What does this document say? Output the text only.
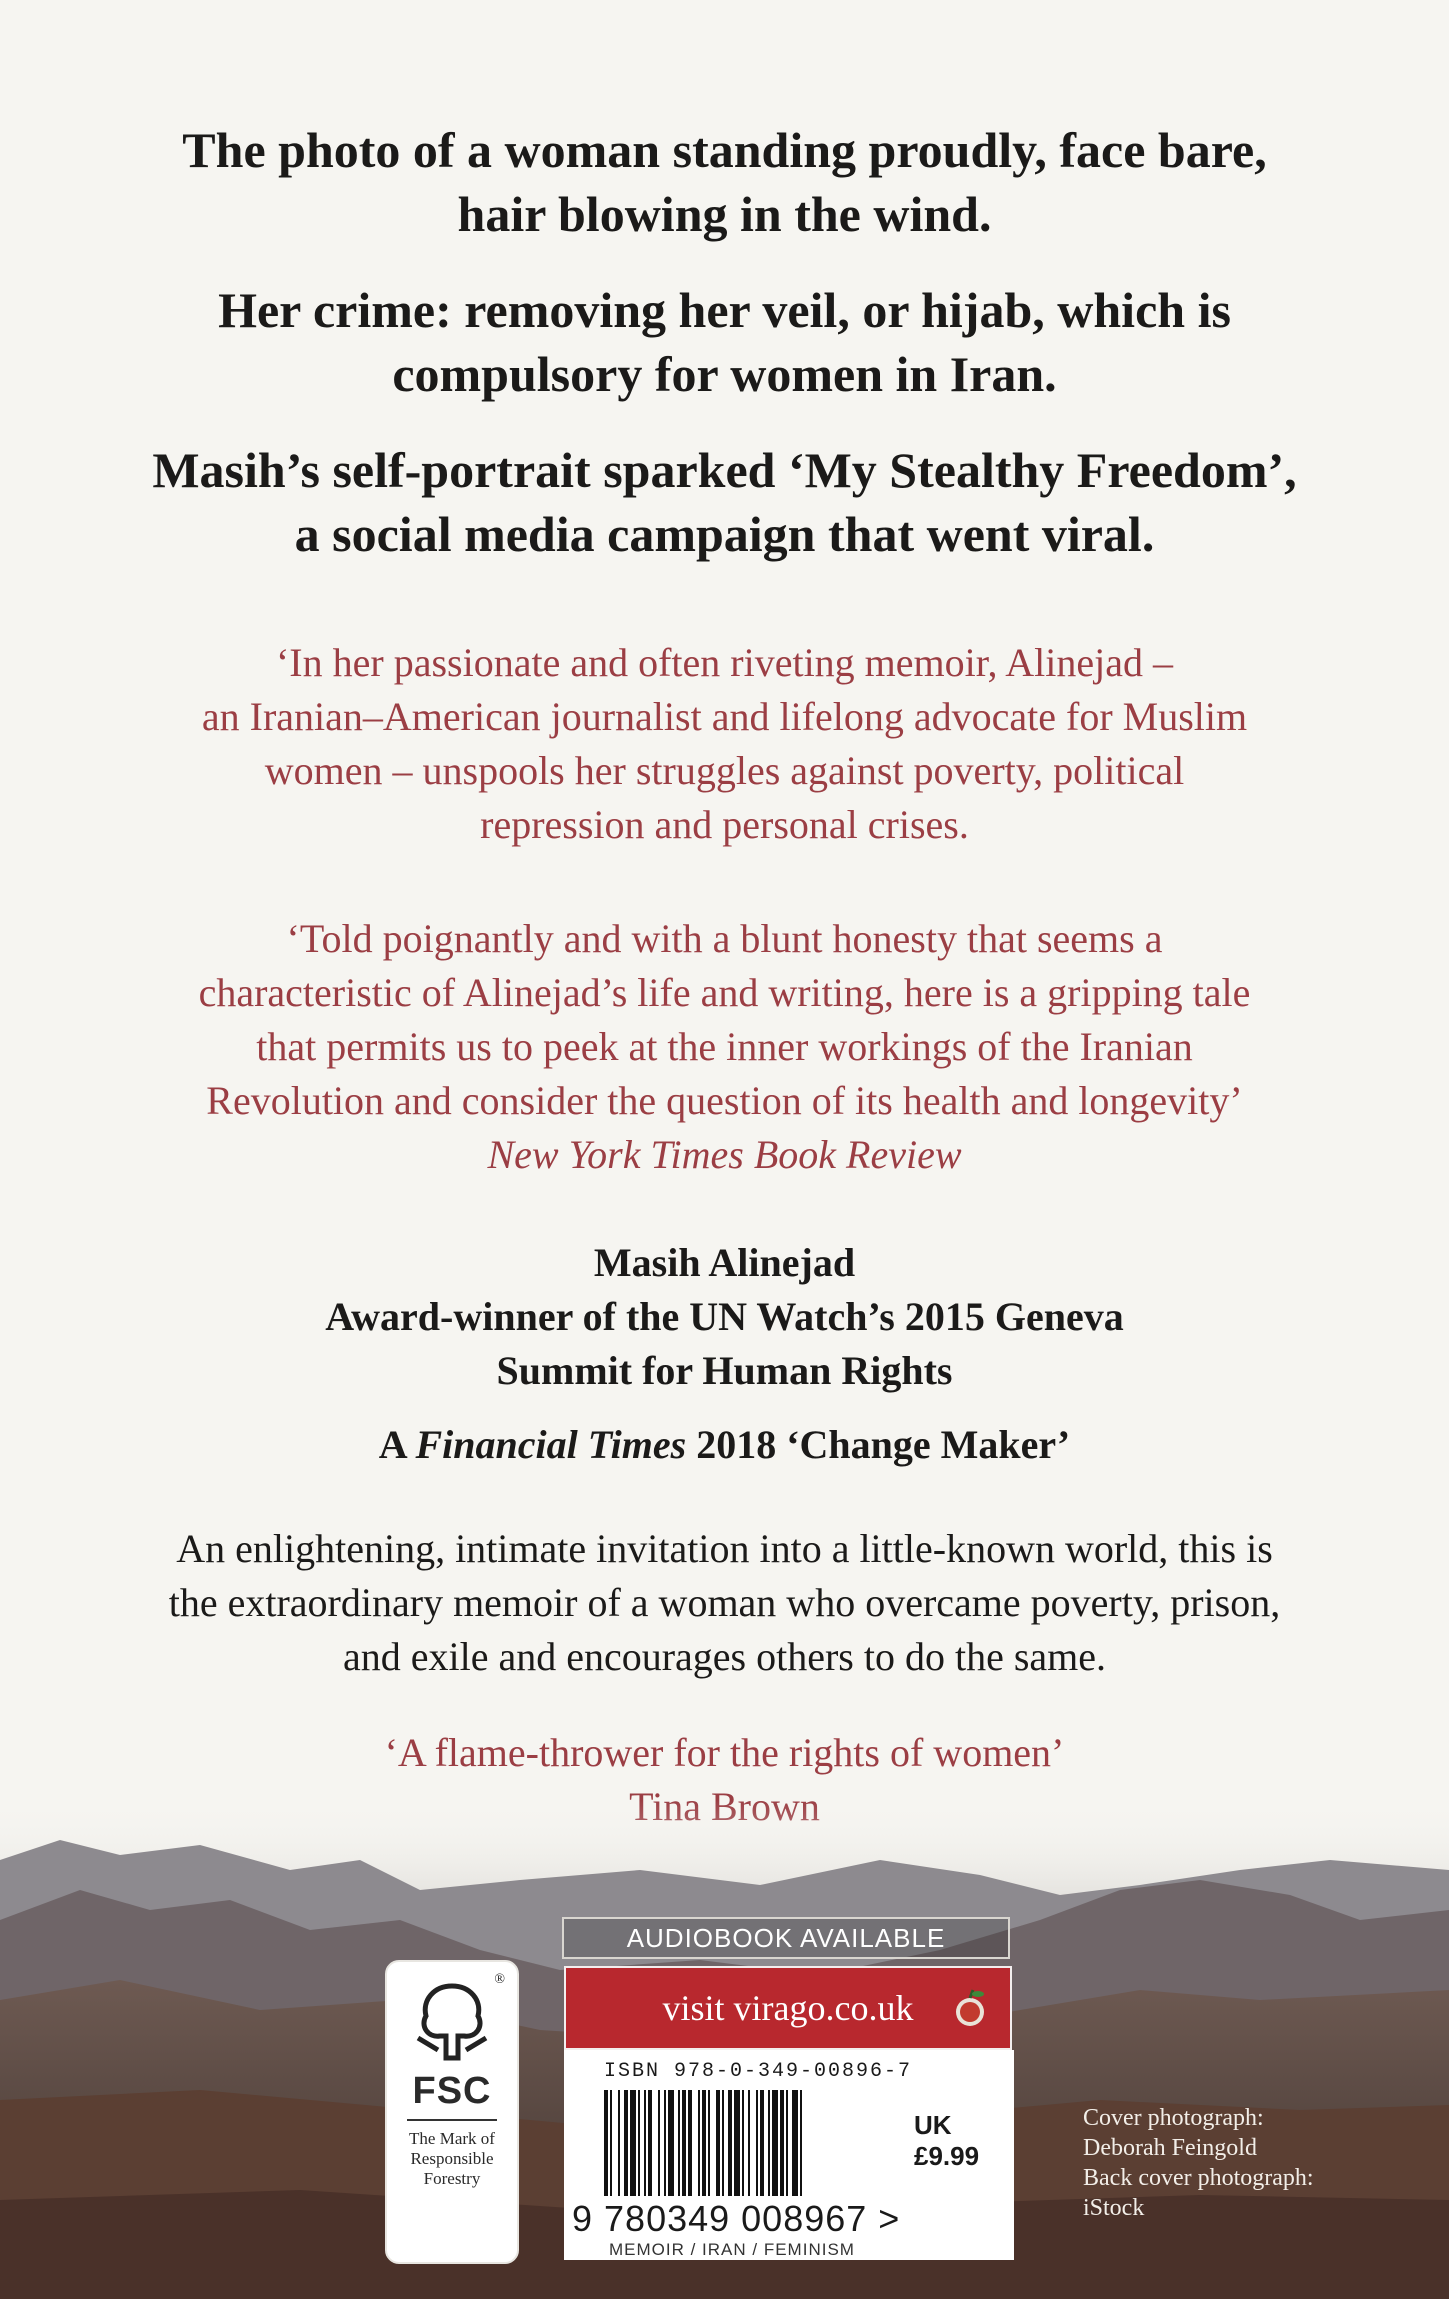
The photo of a woman standing proudly, face bare,
hair blowing in the wind.
Her crime: removing her veil, or hijab, which is
compulsory for women in Iran.
Masih’s self-portrait sparked ‘My Stealthy Freedom’,
a social media campaign that went viral.
‘In her passionate and often riveting memoir, Alinejad –
an Iranian–American journalist and lifelong advocate for Muslim
women – unspools her struggles against poverty, political
repression and personal crises.
‘Told poignantly and with a blunt honesty that seems a
characteristic of Alinejad’s life and writing, here is a gripping tale
that permits us to peek at the inner workings of the Iranian
Revolution and consider the question of its health and longevity’
New York Times Book Review
Masih Alinejad
Award-winner of the UN Watch’s 2015 Geneva
Summit for Human Rights
A Financial Times 2018 ‘Change Maker’
An enlightening, intimate invitation into a little-known world, this is
the extraordinary memoir of a woman who overcame poverty, prison,
and exile and encourages others to do the same.
‘A flame-thrower for the rights of women’
®
FSC
The Mark of
Responsible
Forestry
AUDIOBOOK AVAILABLE
visit virago.co.uk
ISBN 978-0-349-00896-7
UK £9.99
9 780349 008967 >
MEMOIR / IRAN / FEMINISM
Cover photograph:
Deborah Feingold
Back cover photograph:
iStock
